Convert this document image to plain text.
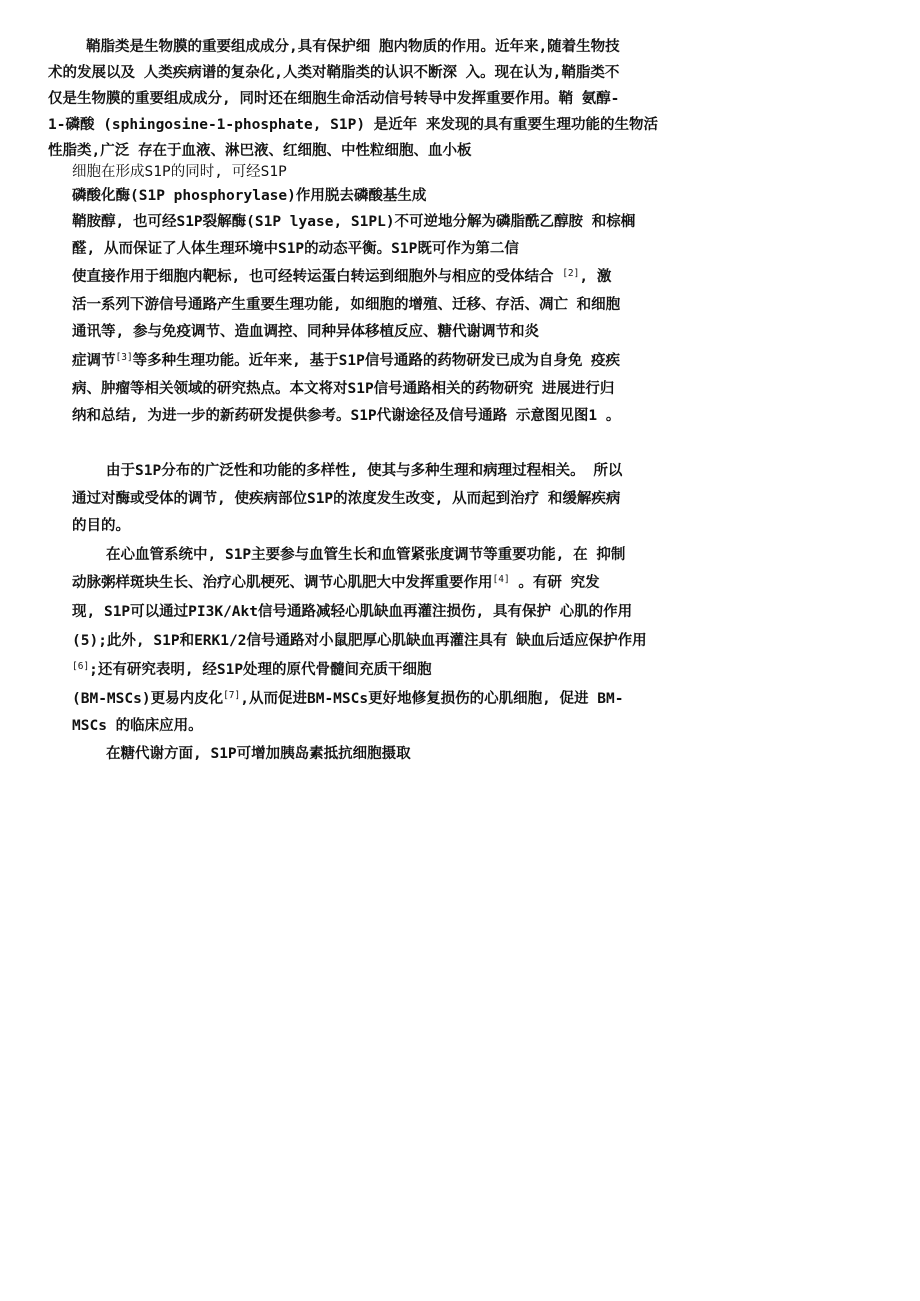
鞘脂类是生物膜的重要组成成分,具有保护细 胞内物质的作用。近年来,随着生物技
术的发展以及 人类疾病谱的复杂化,人类对鞘脂类的认识不断深 入。现在认为,鞘脂类不
仅是生物膜的重要组成成分, 同时还在细胞生命活动信号转导中发挥重要作用。鞘 氨醇-
1-磷酸 (sphingosine-1-phosphate, S1P) 是近年 来发现的具有重要生理功能的生物活
性脂类,广泛 存在于血液、淋巴液、红细胞、中性粒细胞、血小板
细胞在形成S1P的同时, 可经S1P
磷酸化酶(S1P phosphorylase)作用脱去磷酸基生成
鞘胺醇, 也可经S1P裂解酶(S1P lyase, S1PL)不可逆地分解为磷脂酰乙醇胺 和棕榈
醛, 从而保证了人体生理环境中S1P的动态平衡。S1P既可作为第二信
使直接作用于细胞内靶标, 也可经转运蛋白转运到细胞外与相应的受体结合 [2], 激
活一系列下游信号通路产生重要生理功能, 如细胞的增殖、迁移、存活、凋亡 和细胞
通讯等, 参与免疫调节、造血调控、同种异体移植反应、糖代谢调节和炎
症调节[3]等多种生理功能。近年来, 基于S1P信号通路的药物研发已成为自身免 疫疾
病、肿瘤等相关领域的研究热点。本文将对S1P信号通路相关的药物研究 进展进行归
纳和总结, 为进一步的新药研发提供参考。S1P代谢途径及信号通路 示意图见图1 。
由于S1P分布的广泛性和功能的多样性, 使其与多种生理和病理过程相关。 所以
通过对酶或受体的调节, 使疾病部位S1P的浓度发生改变, 从而起到治疗 和缓解疾病
的目的。
在心血管系统中, S1P主要参与血管生长和血管紧张度调节等重要功能, 在 抑制
动脉粥样斑块生长、治疗心肌梗死、调节心肌肥大中发挥重要作用[4] 。有研 究发
现, S1P可以通过PI3K/Akt信号通路减轻心肌缺血再灌注损伤, 具有保护 心肌的作用
(5);此外, S1P和ERK1/2信号通路对小鼠肥厚心肌缺血再灌注具有 缺血后适应保护作用
[6];还有研究表明, 经S1P处理的原代骨髓间充质干细胞
(BM-MSCs)更易内皮化[7],从而促进BM-MSCs更好地修复损伤的心肌细胞, 促进 BM-
MSCs 的临床应用。
在糖代谢方面, S1P可增加胰岛素抵抗细胞摄取
